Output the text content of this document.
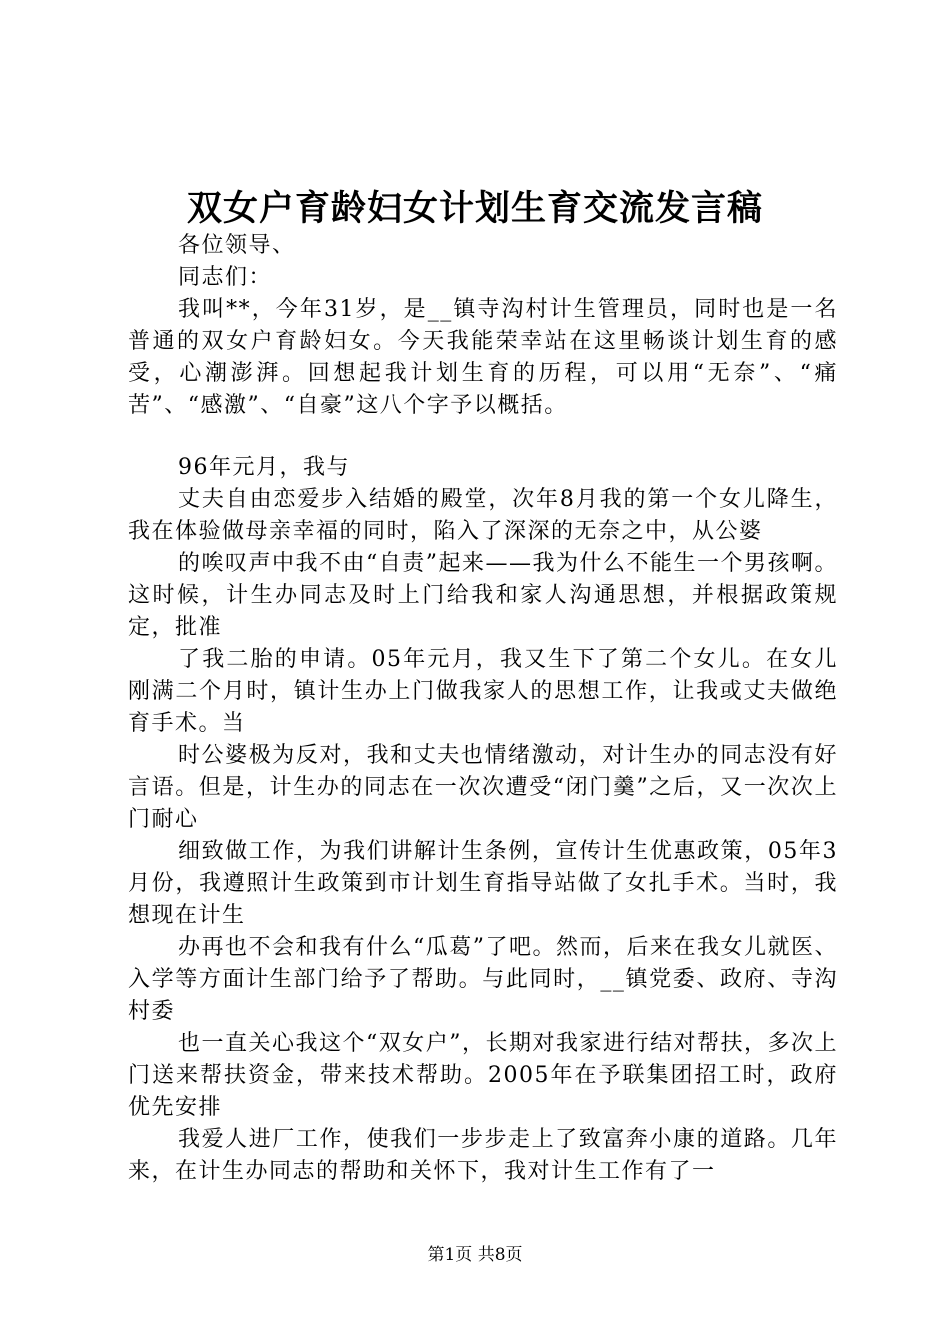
双女户育龄妇女计划生育交流发言稿

各位领导、

同志们：

我叫**，今年31岁，是__镇寺沟村计生管理员，同时也是一名普通的双女户育龄妇女。今天我能荣幸站在这里畅谈计划生育的感受，心潮澎湃。回想起我计划生育的历程，可以用“无奈”、“痛苦”、“感激”、“自豪”这八个字予以概括。

96年元月，我与

丈夫自由恋爱步入结婚的殿堂，次年8月我的第一个女儿降生，我在体验做母亲幸福的同时，陷入了深深的无奈之中，从公婆

的唉叹声中我不由“自责”起来——我为什么不能生一个男孩啊。这时候，计生办同志及时上门给我和家人沟通思想，并根据政策规定，批准

了我二胎的申请。05年元月，我又生下了第二个女儿。在女儿刚满二个月时，镇计生办上门做我家人的思想工作，让我或丈夫做绝育手术。当

时公婆极为反对，我和丈夫也情绪激动，对计生办的同志没有好言语。但是，计生办的同志在一次次遭受“闭门羹”之后，又一次次上门耐心

细致做工作，为我们讲解计生条例，宣传计生优惠政策，05年3月份，我遵照计生政策到市计划生育指导站做了女扎手术。当时，我想现在计生

办再也不会和我有什么“瓜葛”了吧。然而，后来在我女儿就医、入学等方面计生部门给予了帮助。与此同时，__镇党委、政府、寺沟村委

也一直关心我这个“双女户”，长期对我家进行结对帮扶，多次上门送来帮扶资金，带来技术帮助。2005年在予联集团招工时，政府优先安排

我爱人进厂工作，使我们一步步走上了致富奔小康的道路。几年来，在计生办同志的帮助和关怀下，我对计生工作有了一

第1页 共8页
